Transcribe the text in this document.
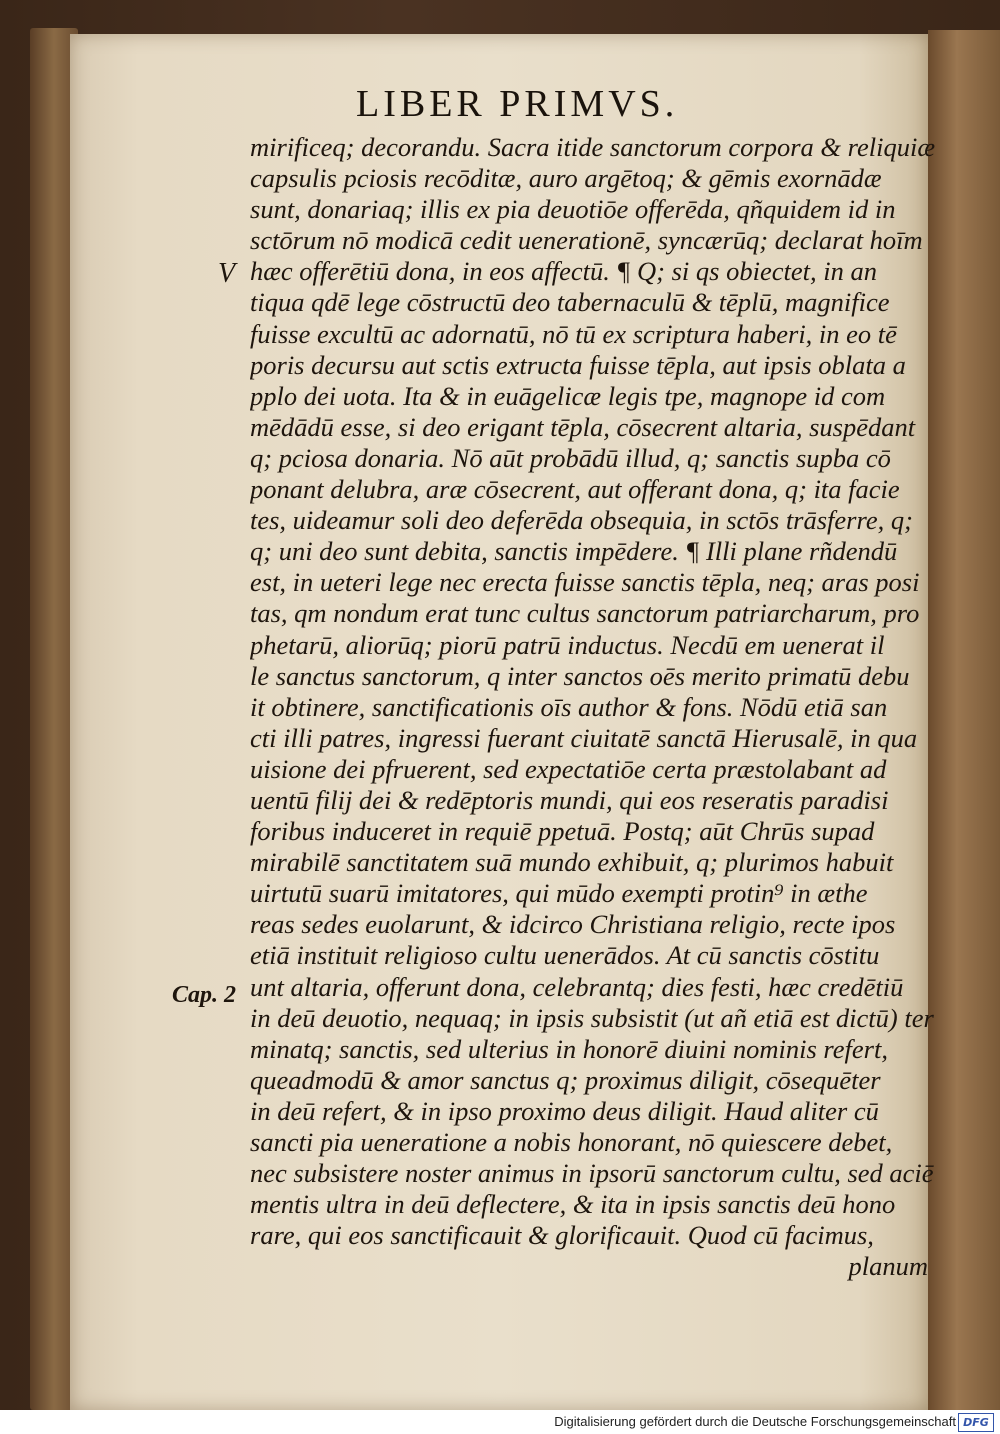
LIBER PRIMVS.
V
Cap. 2
mirificeq; decorandu. Sacra itide sanctorum corpora & reliquiæ
capsulis pciosis recōditæ, auro argētoq; & gēmis exornādæ
sunt, donariaq; illis ex pia deuotiōe offerēda, qñquidem id in
sctōrum nō modicā cedit uenerationē, syncærūq; declarat hoīm
hæc offerētiū dona, in eos affectū. ¶ Q; si qs obiectet, in an
tiqua qdē lege cōstructū deo tabernaculū & tēplū, magnifice
fuisse excultū ac adornatū, nō tū ex scriptura haberi, in eo tē
poris decursu aut sctis extructa fuisse tēpla, aut ipsis oblata a
pplo dei uota. Ita & in euāgelicæ legis tpe, magnope id com
mēdādū esse, si deo erigant tēpla, cōsecrent altaria, suspēdant
q; pciosa donaria. Nō aūt probādū illud, q; sanctis supba cō
ponant delubra, aræ cōsecrent, aut offerant dona, q; ita facie
tes, uideamur soli deo deferēda obsequia, in sctōs trāsferre, q;
q; uni deo sunt debita, sanctis impēdere. ¶ Illi plane rñdendū
est, in ueteri lege nec erecta fuisse sanctis tēpla, neq; aras posi
tas, qm nondum erat tunc cultus sanctorum patriarcharum, pro
phetarū, aliorūq; piorū patrū inductus. Necdū em uenerat il
le sanctus sanctorum, q inter sanctos oēs merito primatū debu
it obtinere, sanctificationis oīs author & fons. Nōdū etiā san
cti illi patres, ingressi fuerant ciuitatē sanctā Hierusalē, in qua
uisione dei pfruerent, sed expectatiōe certa præstolabant ad
uentū filij dei & redēptoris mundi, qui eos reseratis paradisi
foribus induceret in requiē ppetuā. Postq; aūt Chrūs supad
mirabilē sanctitatem suā mundo exhibuit, q; plurimos habuit
uirtutū suarū imitatores, qui mūdo exempti protin⁹ in æthe
reas sedes euolarunt, & idcirco Christiana religio, recte ipos
etiā instituit religioso cultu uenerādos. At cū sanctis cōstitu
unt altaria, offerunt dona, celebrantq; dies festi, hæc credētiū
in deū deuotio, nequaq; in ipsis subsistit (ut añ etiā est dictū) ter
minatq; sanctis, sed ulterius in honorē diuini nominis refert,
queadmodū & amor sanctus q; proximus diligit, cōsequēter
in deū refert, & in ipso proximo deus diligit. Haud aliter cū
sancti pia ueneratione a nobis honorant, nō quiescere debet,
nec subsistere noster animus in ipsorū sanctorum cultu, sed aciē
mentis ultra in deū deflectere, & ita in ipsis sanctis deū hono
rare, qui eos sanctificauit & glorificauit. Quod cū facimus,
planum
Digitalisierung gefördert durch die Deutsche Forschungsgemeinschaft DFG
